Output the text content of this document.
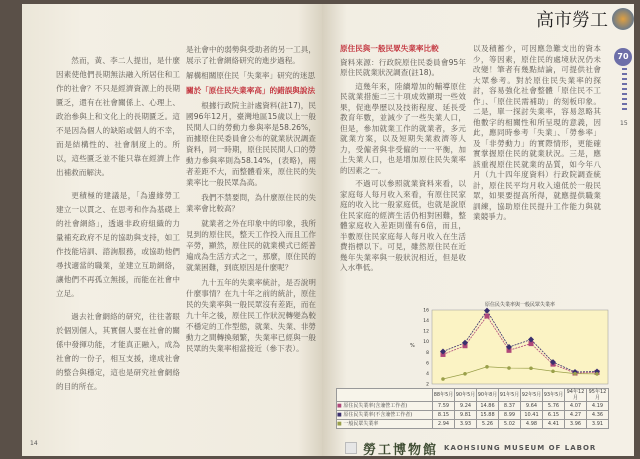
然而，黃、李二人提出，是什麼因素使他們長期無法融入所居住和工作的社會？不只是經濟資源上的長期匱乏，還有在社會關係上、心理上、政治參與上和文化上的長期匱乏。這不是因為個人的缺陷或個人的不幸，而是結構性的、社會制度上的。所以，這些匱乏並不能只靠在經濟上作出補救而解決。

更積極的建議是，「為邊緣勞工建立一以貫之、在思考和作為基礎上的社會網絡」，透過非政府組織的力量補充政府不足的協助與支持，如工作技能培訓、諮詢服務，或協助他們尋找適當的職業，並建立互助網絡，讓他們不再孤立無援，而能在社會中立足。

過去社會網絡的研究，往往著眼於個別個人，其實個人要在社會的關係中發揮功能，才能真正融入，成為社會的一份子，相互支援，達成社會的整合與穩定，這也是研究社會網絡的目的所在。

是社會中的弱勢與受助者的另一工具，展示了社會網絡研究的進步過程。

解構相關原住民「失業率」研究的迷思

關於「原住民失業率高」的錯誤與說法

根據行政院主計處資料(註17)，民國96年12月，臺灣地區15歲以上一般民間人口的勞動力參與率是58.26%，而據原住民委員會公布的就業狀況調查資料，同一時期，原住民民間人口的勞動力參與率則為58.14%，(表略)，兩者差距不大，而整體看來，原住民的失業率比一般民眾為高。

我們不禁要問，為什麼原住民的失業率會比較高？

就業者之外在印象中的印象，我所見到的原住民，整天工作投入而且工作辛勞，顯然，原住民的就業模式已經普遍成為生活方式之一，那麼，原住民的就業困難，到底原因是什麼呢？

九十五年的失業率統計，是否說明什麼事情？在九十年之前的統計，原住民的失業率與一般民眾沒有差距，而在九十年之後，原住民工作狀況轉變為較不穩定的工作型態，就業、失業、非勞動力之間轉換頻繁，失業率已經與一般民眾的失業率相當接近（參下表）。

14

原住民與一般民眾失業率比較

資料來源：行政院原住民委員會95年原住民就業狀況調查(註18)。

這幾年來，陸續增加的輔導原住民就業措施二三十項成效顯現一些效果，促進學歷以及技術程度、延長受教育年數，並減少了一些失業人口，但是，參加就業工作的就業者，多元就業方案，以及短期失業救濟等人力，受僱者與非受僱的一一平衡，加上失業人口，也是增加原住民失業率的因素之一。

不過可以參照就業資料來看，以家庭每人每月收入來看，有原住民家庭的收入比一般家庭低，也就是說原住民家庭的經濟生活仍相對困難，整體家庭收入差距則僅有6倍，而且，半數原住民家庭每人每月收入在生活費指標以下。可見，雖然原住民在近幾年失業率與一般狀況相近，但是收入水準低。

以及積蓄少，可因應急難支出的資本少，等因素，原住民的處境狀況仍未改變！筆者有幾點結論，可提供社會大眾參考。對於原住民失業率的探討，容易強化社會整體「原住民不工作」、「原住民需補助」的刻板印象。二是，單一探討失業率，容易忽略其他數字的相關性和所呈現的意義，因此，應同時參考「失業」、「勞參率」及「非勞動力」的實際情形，更能確實掌握原住民的就業狀況。三是，應該重視原住民就業的品質，如今年八月（九十四年度資料）行政院調查統計，原住民平均月收入遠低於一般民眾，如果要提高所得，就應提供職業訓練，協助原住民提升工作能力與就業競爭力。

15
高市勞工
70
原住民失業率與一般民眾失業率
%
2
4
6
8
10
12
14
16
	88年5月	90年5月	90年8月	91年5月	92年5月	93年5月	94年12月	95年12月
■ 原住民失業率(含兼營工作者)	7.59	9.24	14.86	8.37	9.64	5.76	4.07	4.19
■ 原住民失業率(不含兼營工作者)	8.15	9.81	15.88	8.99	10.41	6.15	4.27	4.36
■ 一般民眾失業率	2.94	3.93	5.26	5.02	4.98	4.41	3.96	3.91
勞工博物館 KAOHSIUNG MUSEUM OF LABOR
